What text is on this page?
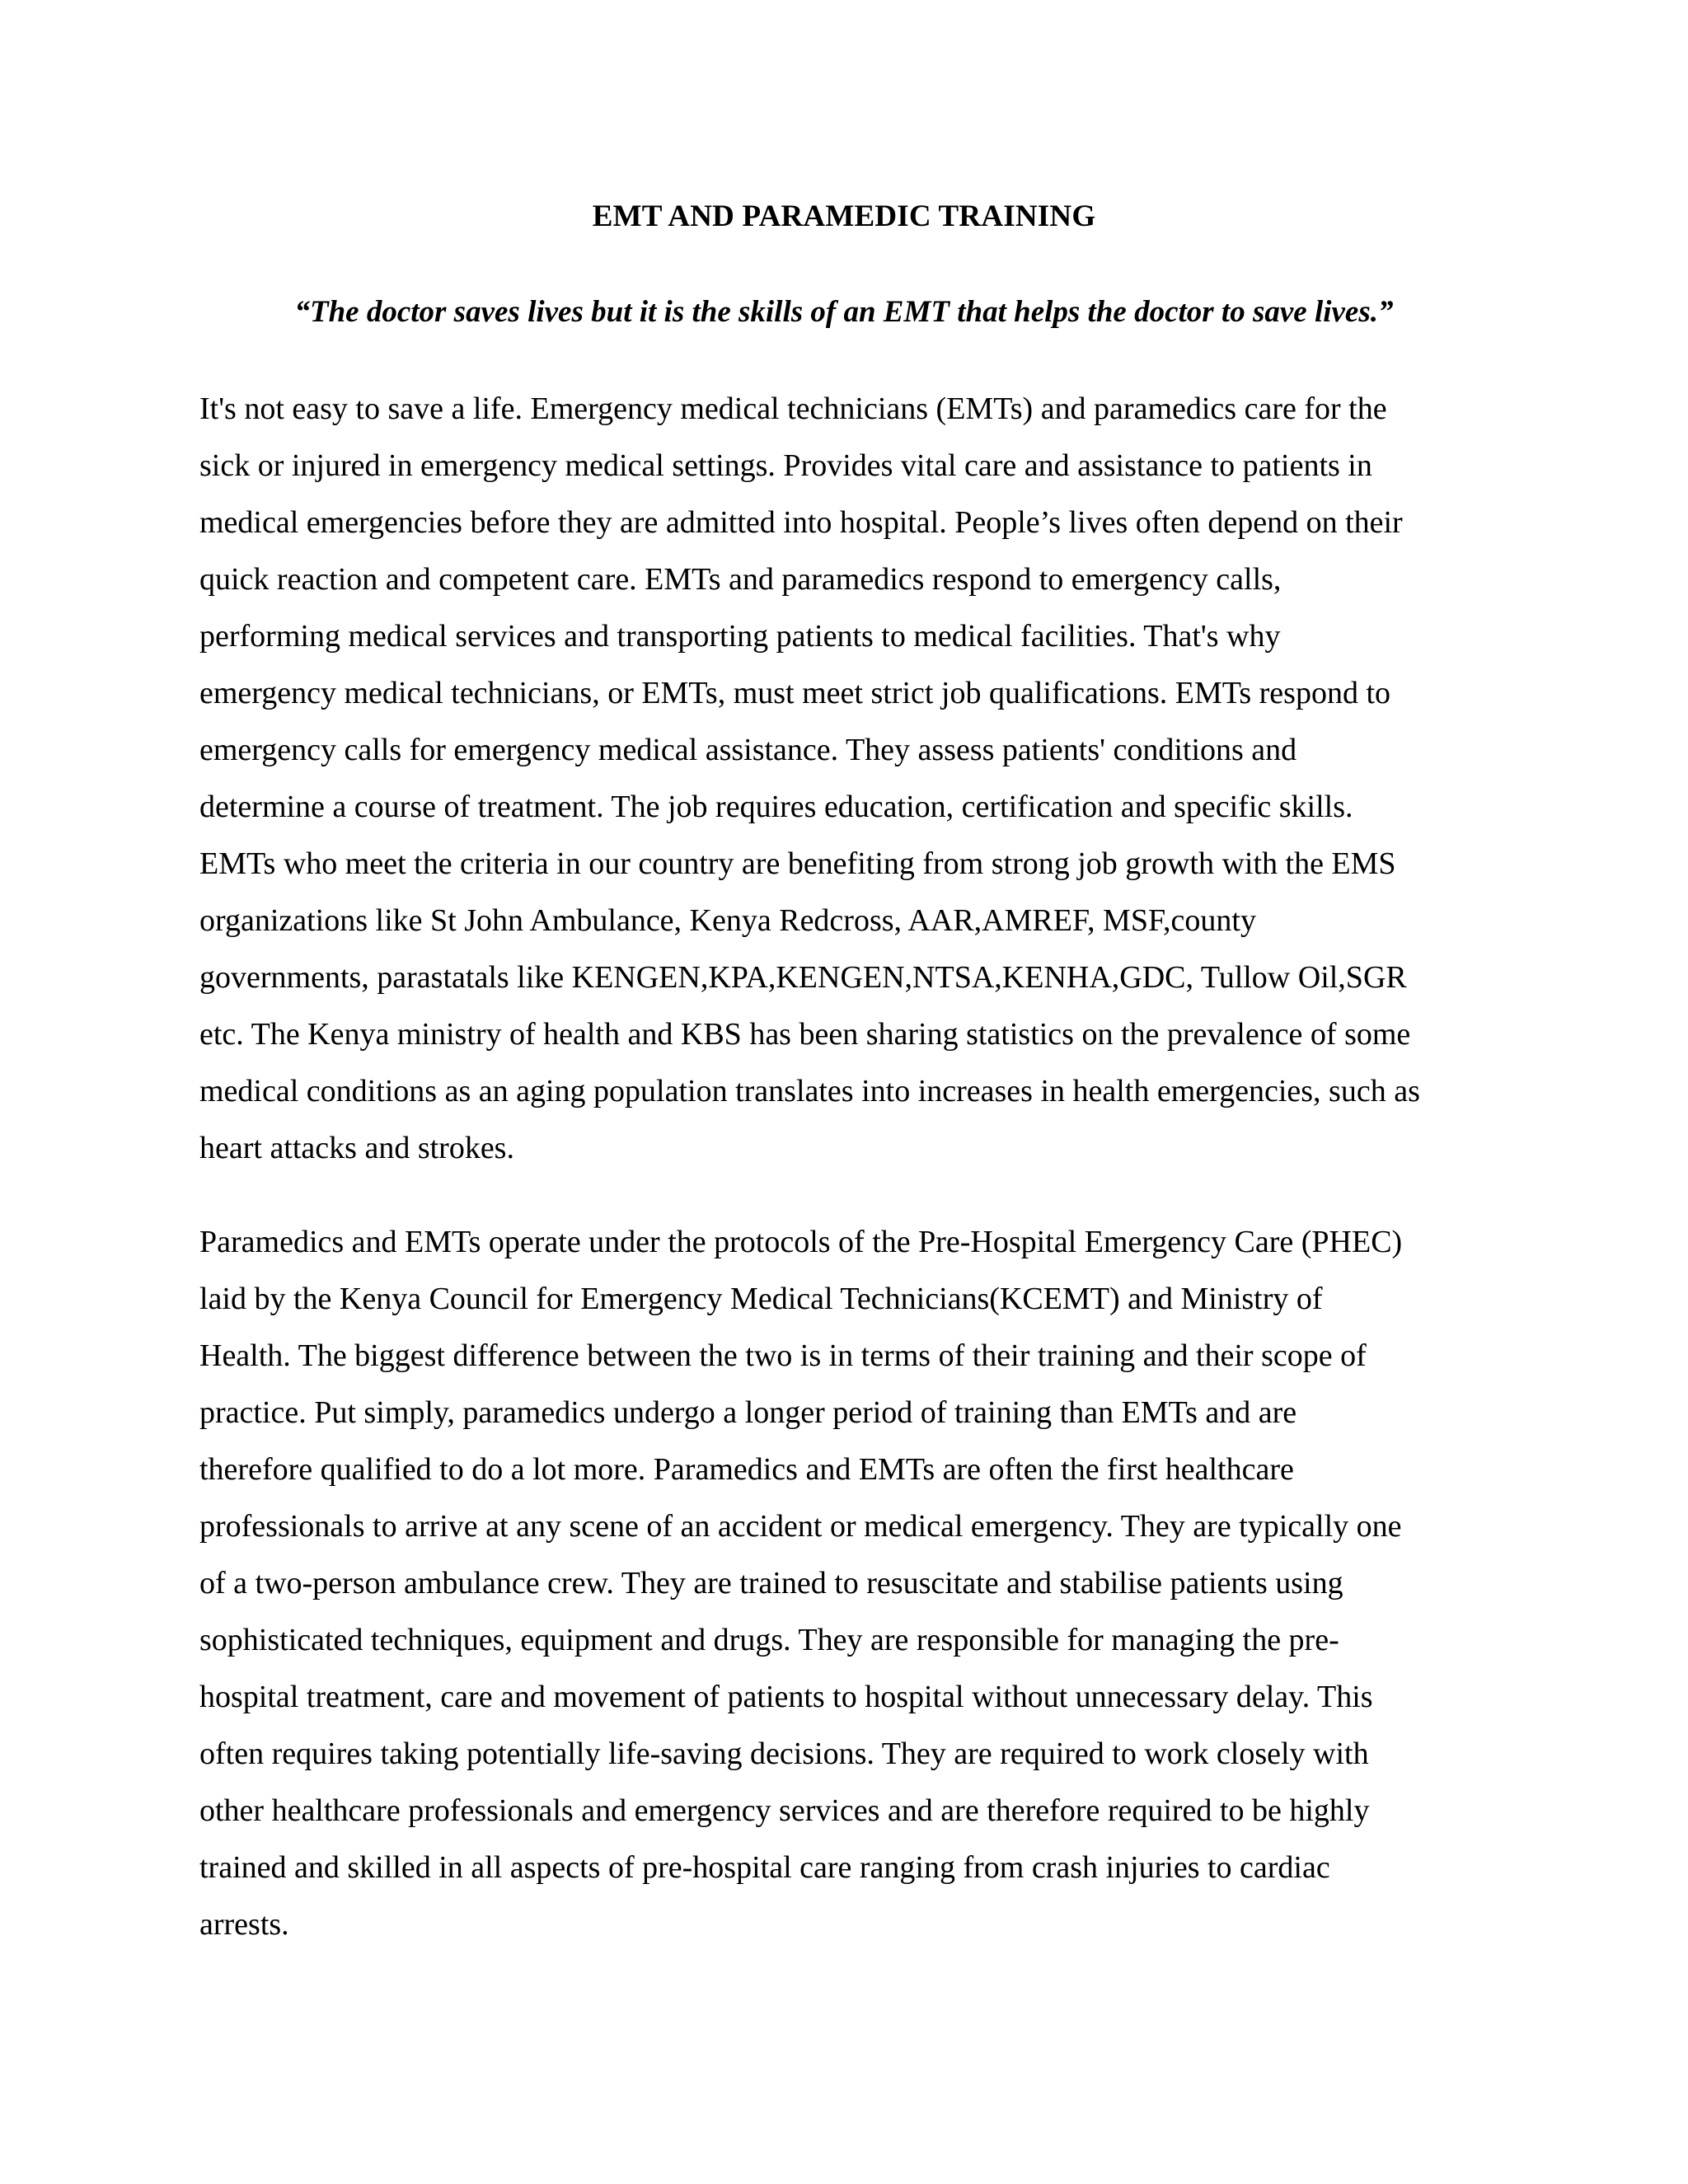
EMT AND PARAMEDIC TRAINING

“The doctor saves lives but it is the skills of an EMT that helps the doctor to save lives.”

It's not easy to save a life. Emergency medical technicians (EMTs) and paramedics care for the
sick or injured in emergency medical settings. Provides vital care and assistance to patients in
medical emergencies before they are admitted into hospital. People’s lives often depend on their
quick reaction and competent care. EMTs and paramedics respond to emergency calls,
performing medical services and transporting patients to medical facilities. That's why
emergency medical technicians, or EMTs, must meet strict job qualifications. EMTs respond to
emergency calls for emergency medical assistance. They assess patients' conditions and
determine a course of treatment. The job requires education, certification and specific skills.
EMTs who meet the criteria in our country are benefiting from strong job growth with the EMS
organizations like St John Ambulance, Kenya Redcross, AAR,AMREF, MSF,county
governments, parastatals like KENGEN,KPA,KENGEN,NTSA,KENHA,GDC, Tullow Oil,SGR
etc. The Kenya ministry of health and KBS has been sharing statistics on the prevalence of some
medical conditions as an aging population translates into increases in health emergencies, such as
heart attacks and strokes.

Paramedics and EMTs operate under the protocols of the Pre-Hospital Emergency Care (PHEC)
laid by the Kenya Council for Emergency Medical Technicians(KCEMT) and Ministry of
Health. The biggest difference between the two is in terms of their training and their scope of
practice. Put simply, paramedics undergo a longer period of training than EMTs and are
therefore qualified to do a lot more. Paramedics and EMTs are often the first healthcare
professionals to arrive at any scene of an accident or medical emergency. They are typically one
of a two-person ambulance crew. They are trained to resuscitate and stabilise patients using
sophisticated techniques, equipment and drugs. They are responsible for managing the pre-
hospital treatment, care and movement of patients to hospital without unnecessary delay. This
often requires taking potentially life-saving decisions. They are required to work closely with
other healthcare professionals and emergency services and are therefore required to be highly
trained and skilled in all aspects of pre-hospital care ranging from crash injuries to cardiac
arrests.
